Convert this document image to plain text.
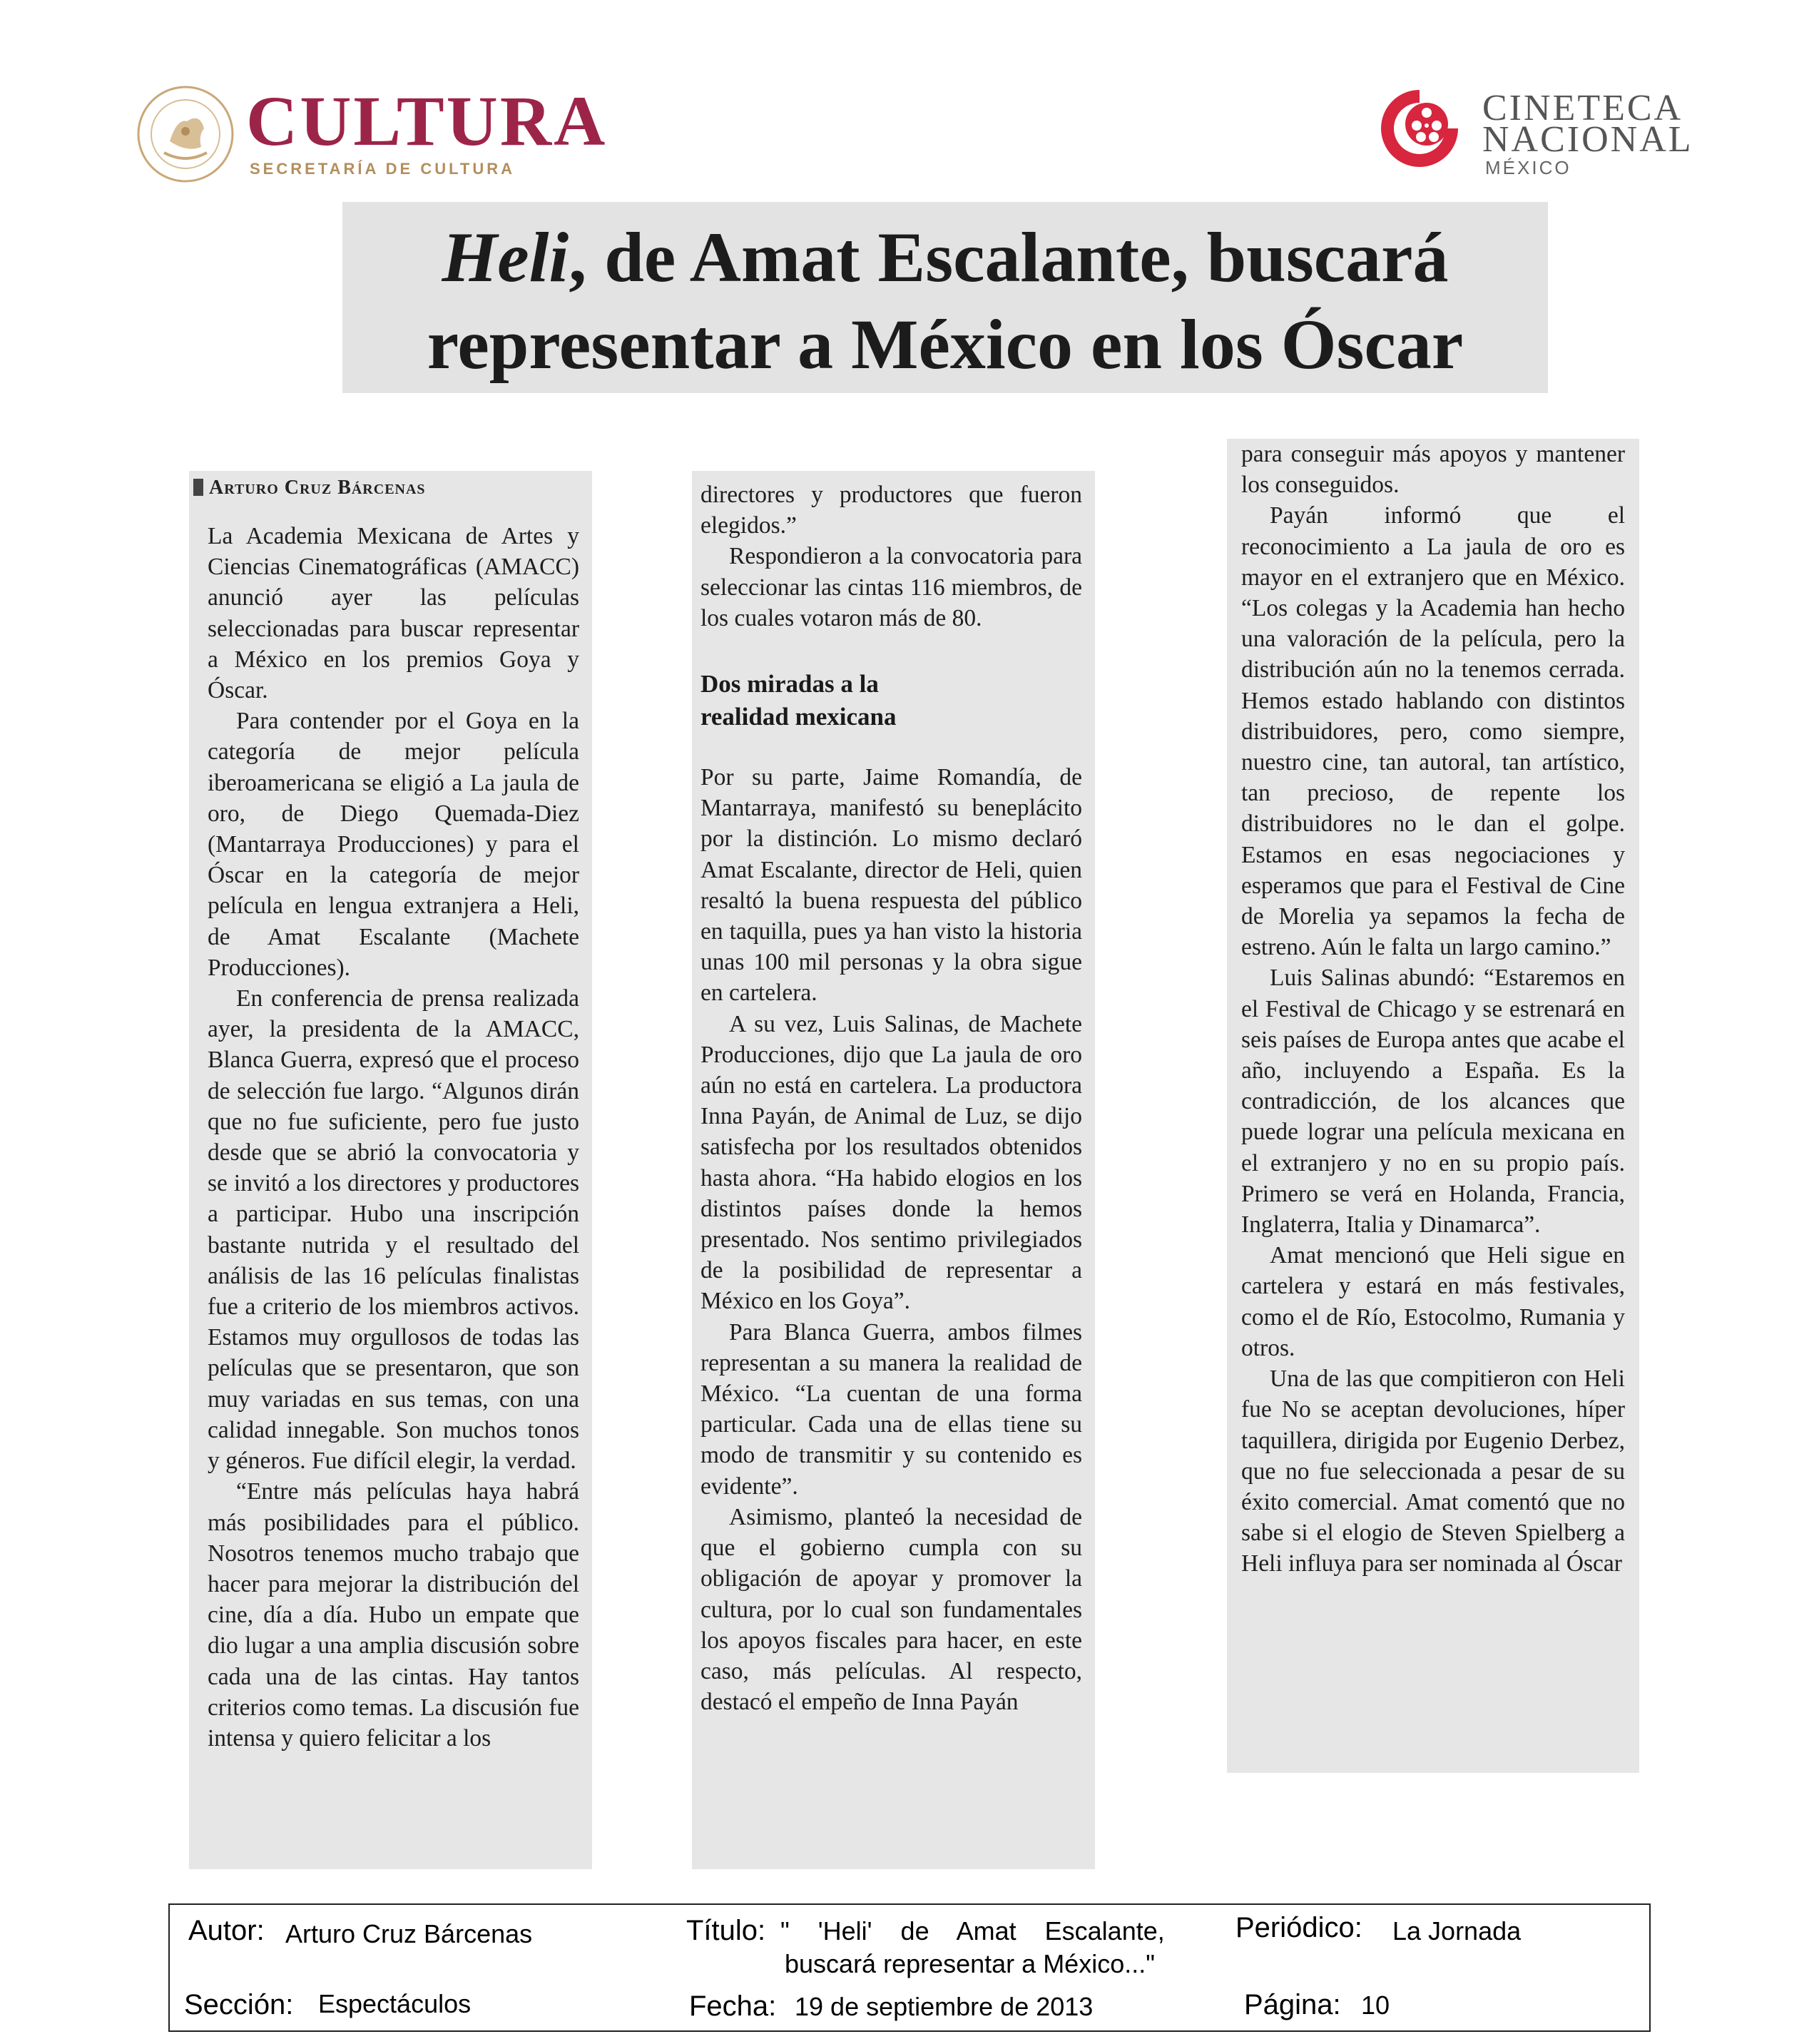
CULTURA
SECRETARÍA DE CULTURA
CINETECA
NACIONAL
MÉXICO
Heli, de Amat Escalante, buscará
representar a México en los Óscar
Arturo Cruz Bárcenas

La Academia Mexicana de Artes y Ciencias Cinematográficas (AMACC) anunció ayer las películas seleccionadas para buscar representar a México en los premios Goya y Óscar.

Para contender por el Goya en la categoría de mejor película iberoamericana se eligió a La jaula de oro, de Diego Quemada-Diez (Mantarraya Producciones) y para el Óscar en la categoría de mejor película en lengua extranjera a Heli, de Amat Escalante (Machete Producciones).

En conferencia de prensa realizada ayer, la presidenta de la AMACC, Blanca Guerra, expresó que el proceso de selección fue largo. “Algunos dirán que no fue suficiente, pero fue justo desde que se abrió la convocatoria y se invitó a los directores y productores a participar. Hubo una inscripción bastante nutrida y el resultado del análisis de las 16 películas finalistas fue a criterio de los miembros activos. Estamos muy orgullosos de todas las películas que se presentaron, que son muy variadas en sus temas, con una calidad innegable. Son muchos tonos y géneros. Fue difícil elegir, la verdad.

“Entre más películas haya habrá más posibilidades para el público. Nosotros tenemos mucho trabajo que hacer para mejorar la distribución del cine, día a día. Hubo un empate que dio lugar a una amplia discusión sobre cada una de las cintas. Hay tantos criterios como temas. La discusión fue intensa y quiero felicitar a los

directores y productores que fueron elegidos.”

Respondieron a la convocatoria para seleccionar las cintas 116 miembros, de los cuales votaron más de 80.

Dos miradas a la realidad mexicana

Por su parte, Jaime Romandía, de Mantarraya, manifestó su beneplácito por la distinción. Lo mismo declaró Amat Escalante, director de Heli, quien resaltó la buena respuesta del público en taquilla, pues ya han visto la historia unas 100 mil personas y la obra sigue en cartelera.

A su vez, Luis Salinas, de Machete Producciones, dijo que La jaula de oro aún no está en cartelera. La productora Inna Payán, de Animal de Luz, se dijo satisfecha por los resultados obtenidos hasta ahora. “Ha habido elogios en los distintos países donde la hemos presentado. Nos sentimo privilegiados de la posibilidad de representar a México en los Goya”.

Para Blanca Guerra, ambos filmes representan a su manera la realidad de México. “La cuentan de una forma particular. Cada una de ellas tiene su modo de transmitir y su contenido es evidente”.

Asimismo, planteó la necesidad de que el gobierno cumpla con su obligación de apoyar y promover la cultura, por lo cual son fundamentales los apoyos fiscales para hacer, en este caso, más películas. Al respecto, destacó el empeño de Inna Payán

para conseguir más apoyos y mantener los conseguidos.

Payán informó que el reconocimiento a La jaula de oro es mayor en el extranjero que en México. “Los colegas y la Academia han hecho una valoración de la película, pero la distribución aún no la tenemos cerrada. Hemos estado hablando con distintos distribuidores, pero, como siempre, nuestro cine, tan autoral, tan artístico, tan precioso, de repente los distribuidores no le dan el golpe. Estamos en esas negociaciones y esperamos que para el Festival de Cine de Morelia ya sepamos la fecha de estreno. Aún le falta un largo camino.”

Luis Salinas abundó: “Estaremos en el Festival de Chicago y se estrenará en seis países de Europa antes que acabe el año, incluyendo a España. Es la contradicción, de los alcances que puede lograr una película mexicana en el extranjero y no en su propio país. Primero se verá en Holanda, Francia, Inglaterra, Italia y Dinamarca”.

Amat mencionó que Heli sigue en cartelera y estará en más festivales, como el de Río, Estocolmo, Rumania y otros.

Una de las que compitieron con Heli fue No se aceptan devoluciones, híper taquillera, dirigida por Eugenio Derbez, que no fue seleccionada a pesar de su éxito comercial. Amat comentó que no sabe si el elogio de Steven Spielberg a Heli influya para ser nominada al Óscar

Autor: Arturo Cruz Bárcenas	Título: "    'Heli'    de    Amat    Escalante,
buscará representar a México..."
Periódico: La Jornada
Sección: Espectáculos	Fecha: 19 de septiembre de 2013	Página: 10
